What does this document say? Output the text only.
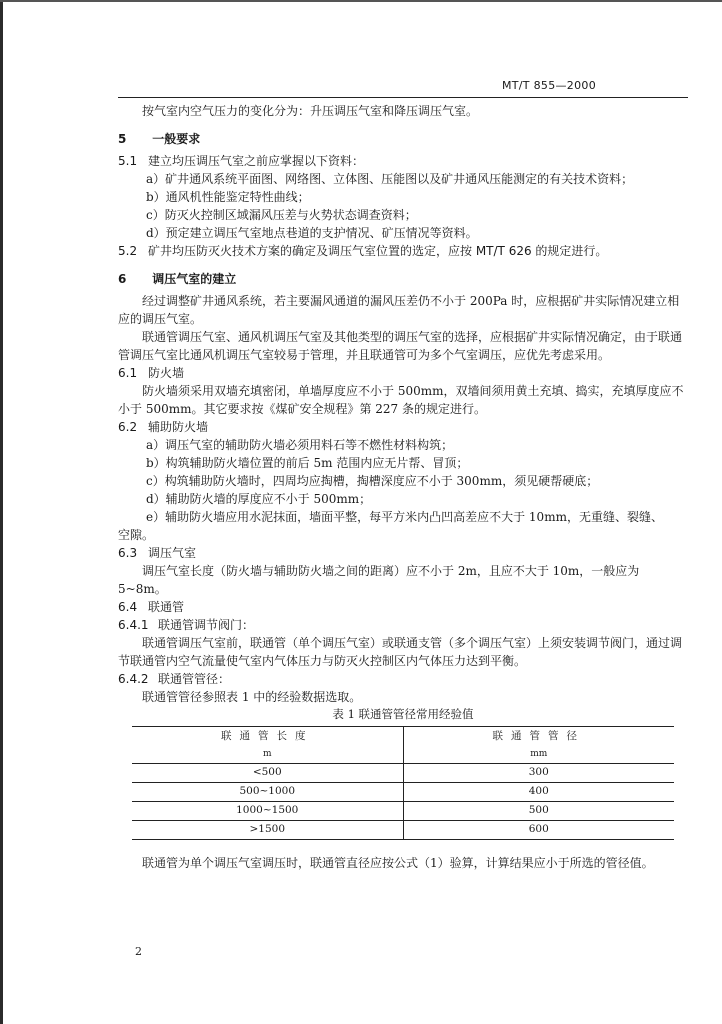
MT/T 855—2000

按气室内空气压力的变化分为：升压调压气室和降压调压气室。

5 一般要求

5.1 建立均压调压气室之前应掌握以下资料：

a）矿井通风系统平面图、网络图、立体图、压能图以及矿井通风压能测定的有关技术资料；

b）通风机性能鉴定特性曲线；

c）防灭火控制区域漏风压差与火势状态调查资料；

d）预定建立调压气室地点巷道的支护情况、矿压情况等资料。

5.2 矿井均压防灭火技术方案的确定及调压气室位置的选定，应按 MT/T 626 的规定进行。

6 调压气室的建立

经过调整矿井通风系统，若主要漏风通道的漏风压差仍不小于 200Pa 时，应根据矿井实际情况建立相应的调压气室。

联通管调压气室、通风机调压气室及其他类型的调压气室的选择，应根据矿井实际情况确定，由于联通管调压气室比通风机调压气室较易于管理，并且联通管可为多个气室调压，应优先考虑采用。

6.1 防火墙

防火墙须采用双墙充填密闭，单墙厚度应不小于 500mm，双墙间须用黄土充填、捣实，充填厚度应不小于 500mm。其它要求按《煤矿安全规程》第 227 条的规定进行。

6.2 辅助防火墙

a）调压气室的辅助防火墙必须用料石等不燃性材料构筑；

b）构筑辅助防火墙位置的前后 5m 范围内应无片帮、冒顶；

c）构筑辅助防火墙时，四周均应掏槽，掏槽深度应不小于 300mm，须见硬帮硬底；

d）辅助防火墙的厚度应不小于 500mm；

e）辅助防火墙应用水泥抹面，墙面平整，每平方米内凸凹高差应不大于 10mm，无重缝、裂缝、

空隙。

6.3 调压气室

调压气室长度（防火墙与辅助防火墙之间的距离）应不小于 2m，且应不大于 10m，一般应为 5~8m。

6.4 联通管

6.4.1 联通管调节阀门：

联通管调压气室前，联通管（单个调压气室）或联通支管（多个调压气室）上须安装调节阀门，通过调节联通管内空气流量使气室内气体压力与防灭火控制区内气体压力达到平衡。

6.4.2 联通管管径：

联通管管径参照表 1 中的经验数据选取。

表 1 联通管管径常用经验值
联通管长度	联通管管径
m	mm
<500	300
500~1000	400
1000~1500	500
>1500	600

联通管为单个调压气室调压时，联通管直径应按公式（1）验算，计算结果应小于所选的管径值。

2
